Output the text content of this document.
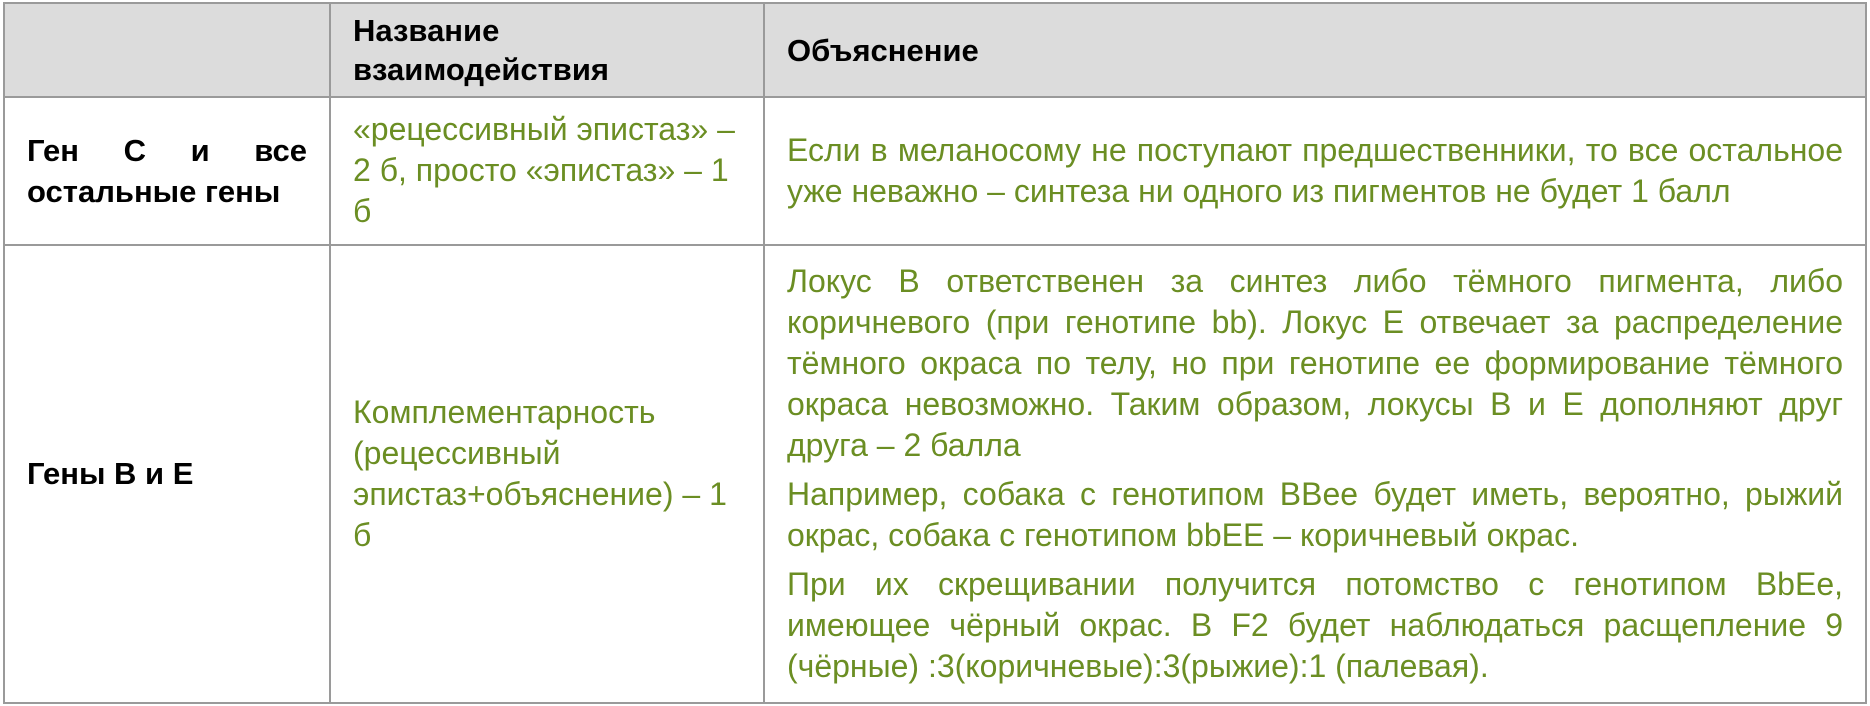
	Название взаимодействия	Объяснение

Ген С и все остальные гены	«рецессивный эпистаз» – 2 б, просто «эпистаз» – 1 б	Если в меланосому не поступают предшественники, то все остальное уже неважно – синтеза ни одного из пигментов не будет 1 балл

Гены В и Е	Комплементарность (рецессивный эпистаз+объяснение) – 1 б	Локус В ответственен за синтез либо тёмного пигмента, либо коричневого (при генотипе bb). Локус Е отвечает за распределение тёмного окраса по телу, но при генотипе ее формирование тёмного окраса невозможно. Таким образом, локусы В и Е дополняют друг друга – 2 балла

Например, собака с генотипом BBee будет иметь, вероятно, рыжий окрас, собака с генотипом bbEE – коричневый окрас.

При их скрещивании получится потомство с генотипом BbEe, имеющее чёрный окрас. В F2 будет наблюдаться расщепление 9 (чёрные) :3(коричневые):3(рыжие):1 (палевая).
